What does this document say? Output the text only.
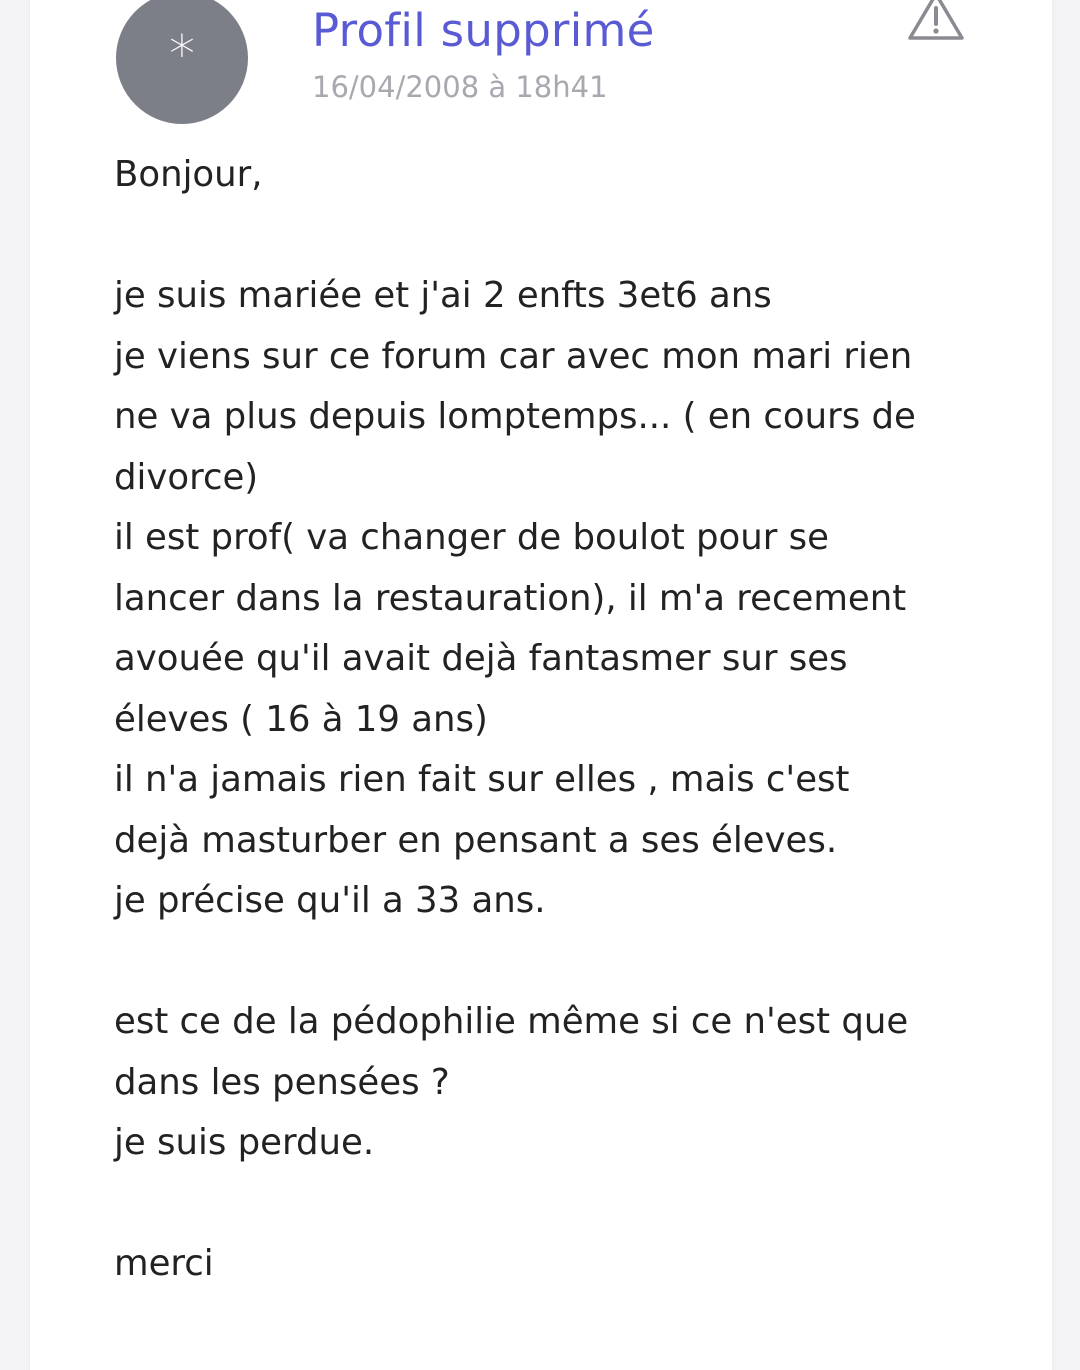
*	Profil supprimé
16/04/2008 à 18h41

Bonjour,

je suis mariée et j'ai 2 enfts 3et6 ans

je viens sur ce forum car avec mon mari rien

ne va plus depuis lomptemps... ( en cours de

divorce)

il est prof( va changer de boulot pour se

lancer dans la restauration), il m'a recement

avouée qu'il avait dejà fantasmer sur ses

éleves ( 16 à 19 ans)

il n'a jamais rien fait sur elles , mais c'est

dejà masturber en pensant a ses éleves.

je précise qu'il a 33 ans.

est ce de la pédophilie même si ce n'est que

dans les pensées ?

je suis perdue.

merci
